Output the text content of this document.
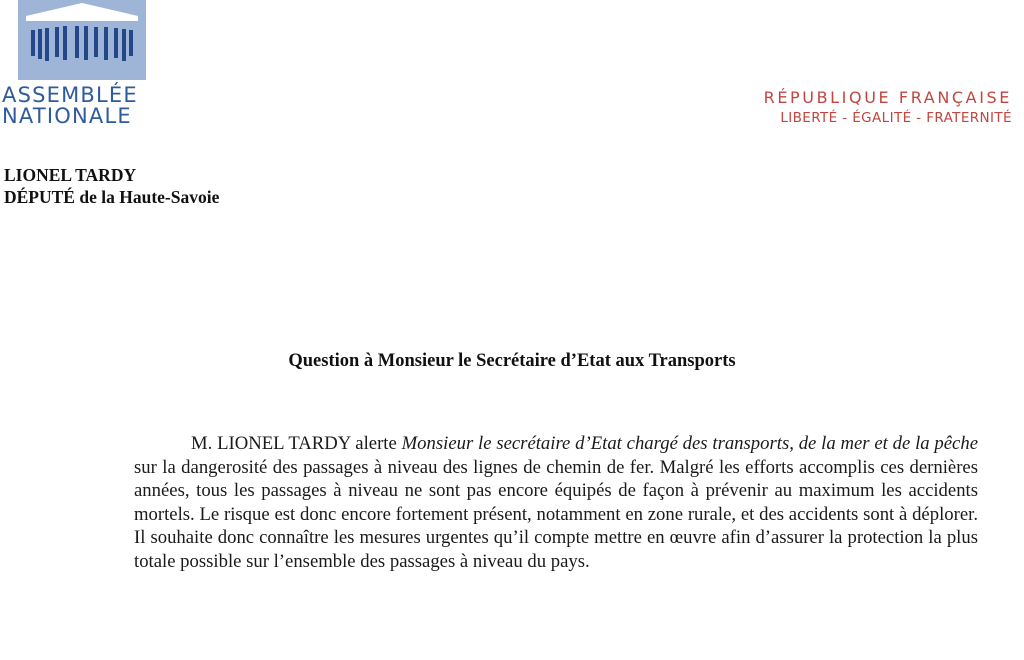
ASSEMBLÉE
NATIONALE
RÉPUBLIQUE FRANÇAISE
LIBERTÉ - ÉGALITÉ - FRATERNITÉ
LIONEL TARDY
DÉPUTÉ de la Haute-Savoie
Question à Monsieur le Secrétaire d’Etat aux Transports

M. LIONEL TARDY alerte Monsieur le secrétaire d’Etat chargé des transports, de la mer et de la pêche sur la dangerosité des passages à niveau des lignes de chemin de fer. Malgré les efforts accomplis ces dernières années, tous les passages à niveau ne sont pas encore équipés de façon à prévenir au maximum les accidents mortels. Le risque est donc encore fortement présent, notamment en zone rurale, et des accidents sont à déplorer. Il souhaite donc connaître les mesures urgentes qu’il compte mettre en œuvre afin d’assurer la protection la plus totale possible sur l’ensemble des passages à niveau du pays.
